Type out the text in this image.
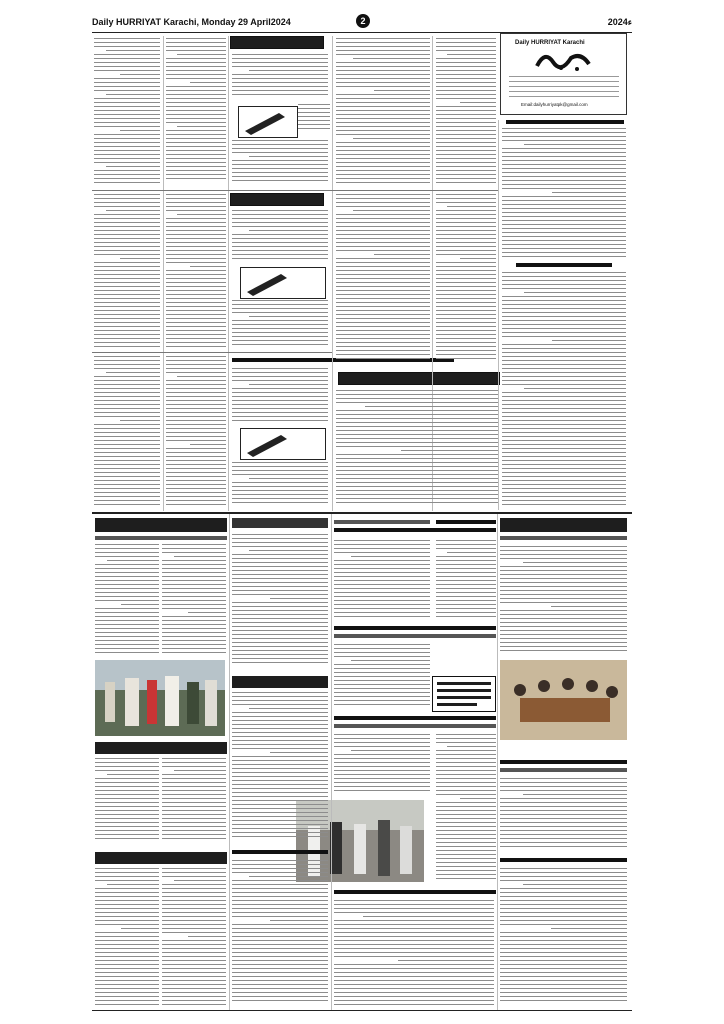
Daily HURRIYAT Karachi, Monday 29 April2024	2	2024ء
Daily HURRIYAT Karachi
Email:dailyhurriyatpk@gmail.com
